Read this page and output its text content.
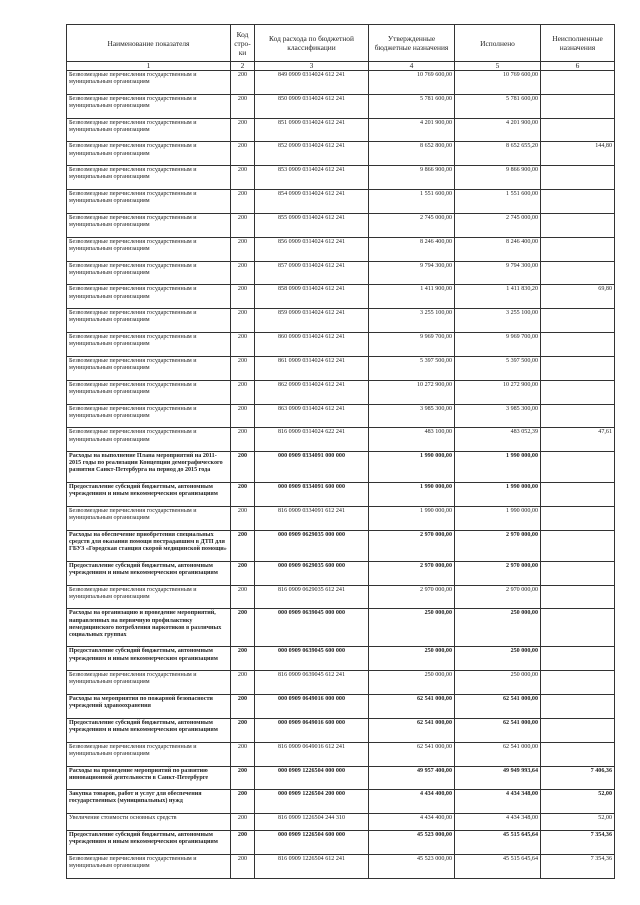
Наименование показателя	Код стро-ки	Код расхода по бюджетной классификации	Утвержденные бюджетные назначения	Исполнено	Неисполненные назначения
1	2	3	4	5	6
Безвозмездные перечисления государственным и муниципальным организациям	200	849 0909 0314024 612 241	10 769 600,00	10 769 600,00	
Безвозмездные перечисления государственным и муниципальным организациям	200	850 0909 0314024 612 241	5 781 600,00	5 781 600,00	
Безвозмездные перечисления государственным и муниципальным организациям	200	851 0909 0314024 612 241	4 201 900,00	4 201 900,00	
Безвозмездные перечисления государственным и муниципальным организациям	200	852 0909 0314024 612 241	8 652 800,00	8 652 655,20	144,80
Безвозмездные перечисления государственным и муниципальным организациям	200	853 0909 0314024 612 241	9 866 900,00	9 866 900,00	
Безвозмездные перечисления государственным и муниципальным организациям	200	854 0909 0314024 612 241	1 551 600,00	1 551 600,00	
Безвозмездные перечисления государственным и муниципальным организациям	200	855 0909 0314024 612 241	2 745 000,00	2 745 000,00	
Безвозмездные перечисления государственным и муниципальным организациям	200	856 0909 0314024 612 241	8 246 400,00	8 246 400,00	
Безвозмездные перечисления государственным и муниципальным организациям	200	857 0909 0314024 612 241	9 794 300,00	9 794 300,00	
Безвозмездные перечисления государственным и муниципальным организациям	200	858 0909 0314024 612 241	1 411 900,00	1 411 830,20	69,80
Безвозмездные перечисления государственным и муниципальным организациям	200	859 0909 0314024 612 241	3 255 100,00	3 255 100,00	
Безвозмездные перечисления государственным и муниципальным организациям	200	860 0909 0314024 612 241	9 969 700,00	9 969 700,00	
Безвозмездные перечисления государственным и муниципальным организациям	200	861 0909 0314024 612 241	5 397 500,00	5 397 500,00	
Безвозмездные перечисления государственным и муниципальным организациям	200	862 0909 0314024 612 241	10 272 900,00	10 272 900,00	
Безвозмездные перечисления государственным и муниципальным организациям	200	863 0909 0314024 612 241	3 985 300,00	3 985 300,00	
Безвозмездные перечисления государственным и муниципальным организациям	200	816 0909 0314024 622 241	483 100,00	483 052,39	47,61
Расходы на выполнение Плана мероприятий на 2011-2015 годы по реализации Концепции демографического развития Санкт-Петербурга на период до 2015 года	200	000 0909 0334091 000 000	1 990 000,00	1 990 000,00	
Предоставление субсидий бюджетным, автономным учреждениям и иным некоммерческим организациям	200	000 0909 0334091 600 000	1 990 000,00	1 990 000,00	
Безвозмездные перечисления государственным и муниципальным организациям	200	816 0909 0334091 612 241	1 990 000,00	1 990 000,00	
Расходы на обеспечение приобретения специальных средств для оказания помощи пострадавшим в ДТП для ГБУЗ «Городская станция скорой медицинской помощи»	200	000 0909 0629035 000 000	2 970 000,00	2 970 000,00	
Предоставление субсидий бюджетным, автономным учреждениям и иным некоммерческим организациям	200	000 0909 0629035 600 000	2 970 000,00	2 970 000,00	
Безвозмездные перечисления государственным и муниципальным организациям	200	816 0909 0629035 612 241	2 970 000,00	2 970 000,00	
Расходы на организацию и проведение мероприятий, направленных на первичную профилактику немедицинского потребления наркотиков в различных социальных группах	200	000 0909 0639045 000 000	250 000,00	250 000,00	
Предоставление субсидий бюджетным, автономным учреждениям и иным некоммерческим организациям	200	000 0909 0639045 600 000	250 000,00	250 000,00	
Безвозмездные перечисления государственным и муниципальным организациям	200	816 0909 0639045 612 241	250 000,00	250 000,00	
Расходы на мероприятия по пожарной безопасности учреждений здравоохранения	200	000 0909 0649016 000 000	62 541 000,00	62 541 000,00	
Предоставление субсидий бюджетным, автономным учреждениям и иным некоммерческим организациям	200	000 0909 0649016 600 000	62 541 000,00	62 541 000,00	
Безвозмездные перечисления государственным и муниципальным организациям	200	816 0909 0649016 612 241	62 541 000,00	62 541 000,00	
Расходы на проведение мероприятий по развитию инновационной деятельности в Санкт-Петербурге	200	000 0909 1226504 000 000	49 957 400,00	49 949 993,64	7 406,36
Закупка товаров, работ и услуг для обеспечения государственных (муниципальных) нужд	200	000 0909 1226504 200 000	4 434 400,00	4 434 348,00	52,00
Увеличение стоимости основных средств	200	816 0909 1226504 244 310	4 434 400,00	4 434 348,00	52,00
Предоставление субсидий бюджетным, автономным учреждениям и иным некоммерческим организациям	200	000 0909 1226504 600 000	45 523 000,00	45 515 645,64	7 354,36
Безвозмездные перечисления государственным и муниципальным организациям	200	816 0909 1226504 612 241	45 523 000,00	45 515 645,64	7 354,36
